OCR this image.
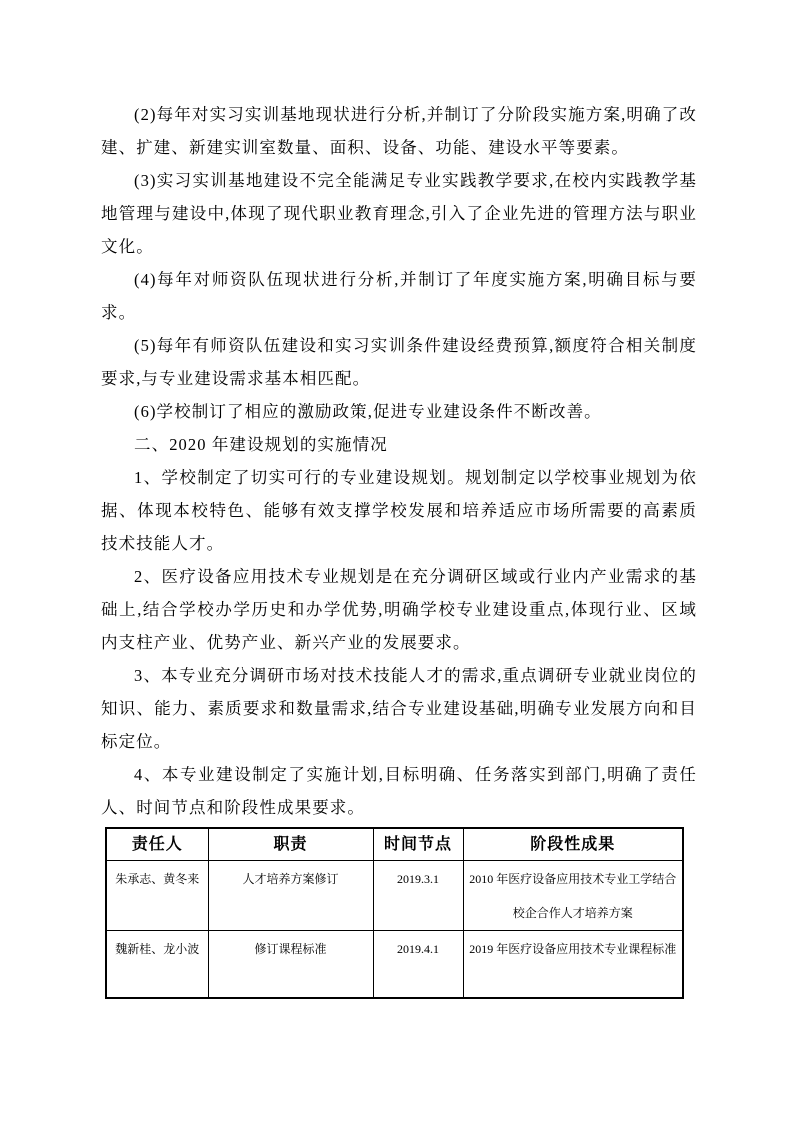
(2)每年对实习实训基地现状进行分析,并制订了分阶段实施方案,明确了改建、扩建、新建实训室数量、面积、设备、功能、建设水平等要素。

(3)实习实训基地建设不完全能满足专业实践教学要求,在校内实践教学基地管理与建设中,体现了现代职业教育理念,引入了企业先进的管理方法与职业文化。

(4)每年对师资队伍现状进行分析,并制订了年度实施方案,明确目标与要求。

(5)每年有师资队伍建设和实习实训条件建设经费预算,额度符合相关制度要求,与专业建设需求基本相匹配。

(6)学校制订了相应的激励政策,促进专业建设条件不断改善。

二、2020 年建设规划的实施情况

1、学校制定了切实可行的专业建设规划。规划制定以学校事业规划为依据、体现本校特色、能够有效支撑学校发展和培养适应市场所需要的高素质技术技能人才。

2、医疗设备应用技术专业规划是在充分调研区域或行业内产业需求的基础上,结合学校办学历史和办学优势,明确学校专业建设重点,体现行业、区域内支柱产业、优势产业、新兴产业的发展要求。

3、本专业充分调研市场对技术技能人才的需求,重点调研专业就业岗位的知识、能力、素质要求和数量需求,结合专业建设基础,明确专业发展方向和目标定位。

4、本专业建设制定了实施计划,目标明确、任务落实到部门,明确了责任人、时间节点和阶段性成果要求。

责任人	职责	时间节点	阶段性成果
朱承志、黄冬来	人才培养方案修订	2019.3.1	2010 年医疗设备应用技术专业工学结合校企合作人才培养方案
魏新桂、龙小波	修订课程标准	2019.4.1	2019 年医疗设备应用技术专业课程标准
